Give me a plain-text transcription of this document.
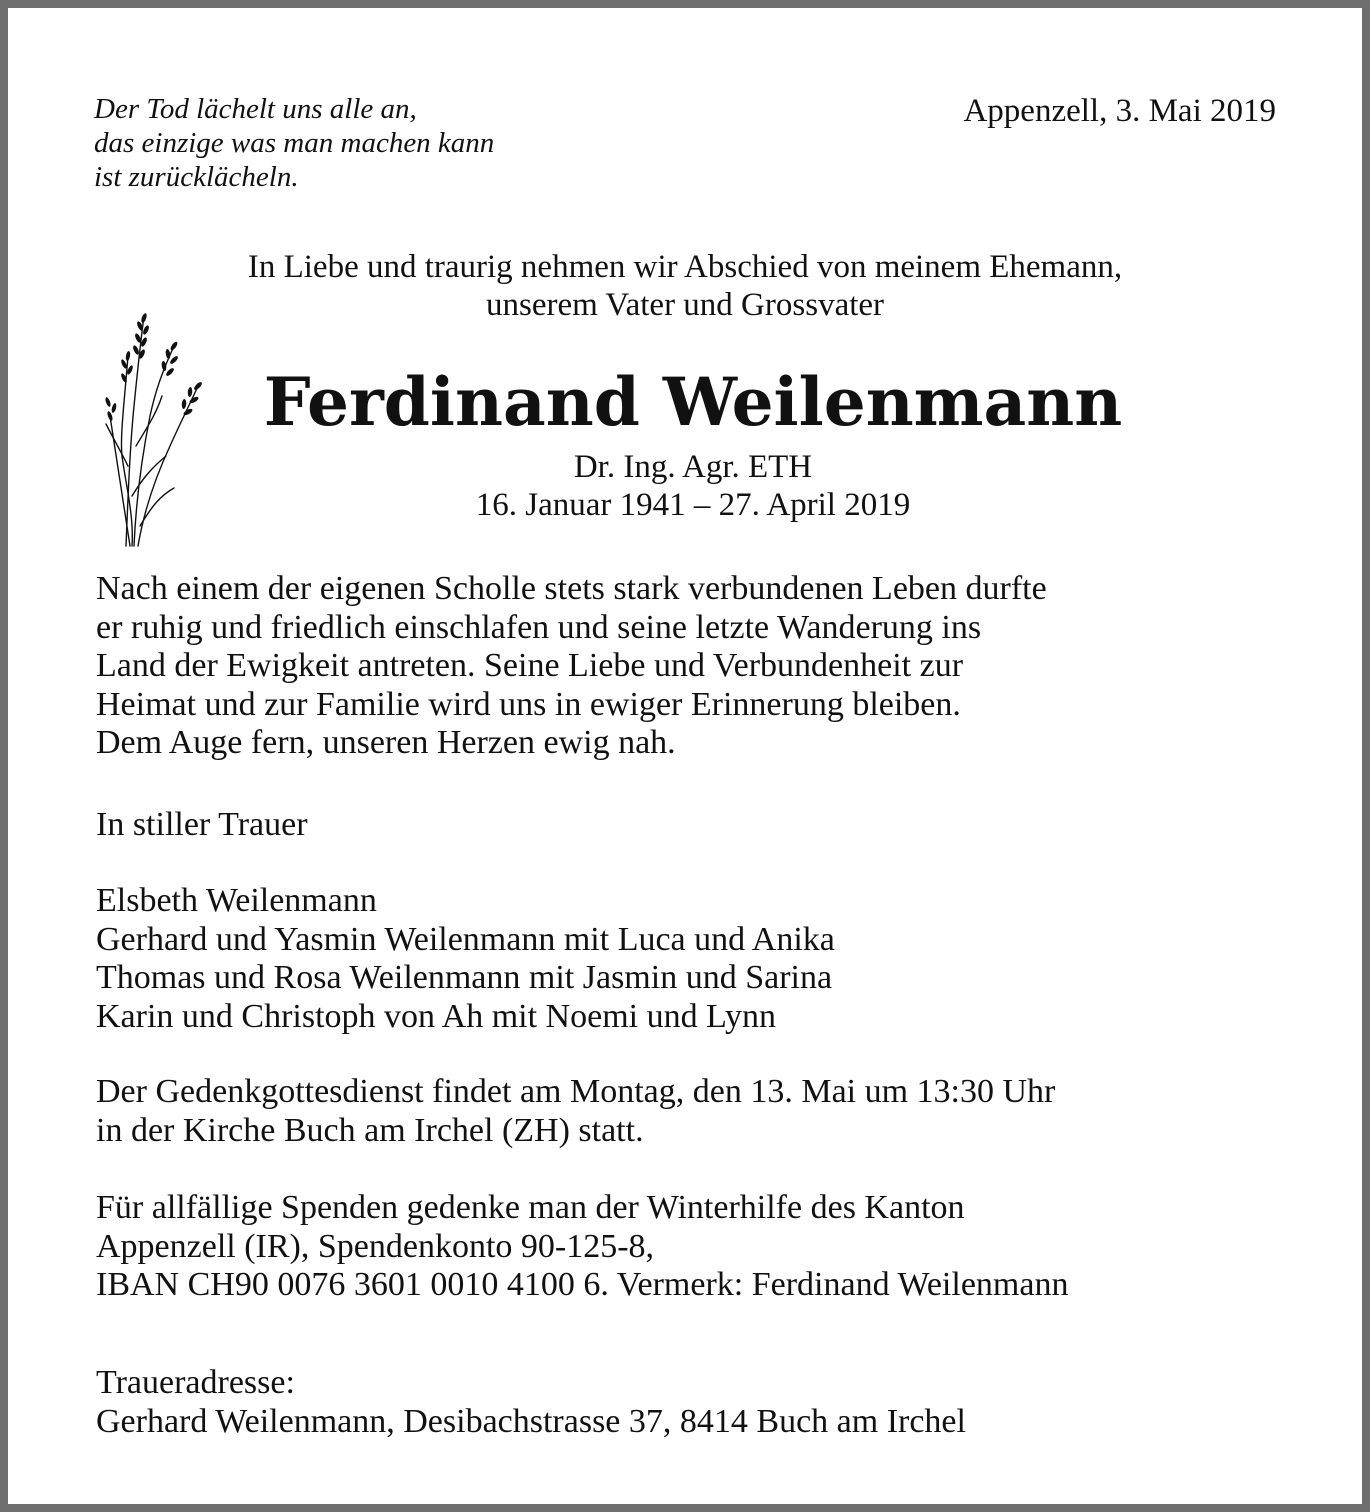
Der Tod lächelt uns alle an,
das einzige was man machen kann
ist zurücklächeln.
Appenzell, 3. Mai 2019
In Liebe und traurig nehmen wir Abschied von meinem Ehemann,
unserem Vater und Grossvater
Ferdinand Weilenmann
Dr. Ing. Agr. ETH
16. Januar 1941 – 27. April 2019
Nach einem der eigenen Scholle stets stark verbundenen Leben durfte
er ruhig und friedlich einschlafen und seine letzte Wanderung ins
Land der Ewigkeit antreten. Seine Liebe und Verbundenheit zur
Heimat und zur Familie wird uns in ewiger Erinnerung bleiben.
Dem Auge fern, unseren Herzen ewig nah.
In stiller Trauer
Elsbeth Weilenmann
Gerhard und Yasmin Weilenmann mit Luca und Anika
Thomas und Rosa Weilenmann mit Jasmin und Sarina
Karin und Christoph von Ah mit Noemi und Lynn
Der Gedenkgottesdienst findet am Montag, den 13. Mai um 13:30 Uhr
in der Kirche Buch am Irchel (ZH) statt.
Für allfällige Spenden gedenke man der Winterhilfe des Kanton
Appenzell (IR), Spendenkonto 90-125-8,
IBAN CH90 0076 3601 0010 4100 6. Vermerk: Ferdinand Weilenmann
Traueradresse:
Gerhard Weilenmann, Desibachstrasse 37, 8414 Buch am Irchel
